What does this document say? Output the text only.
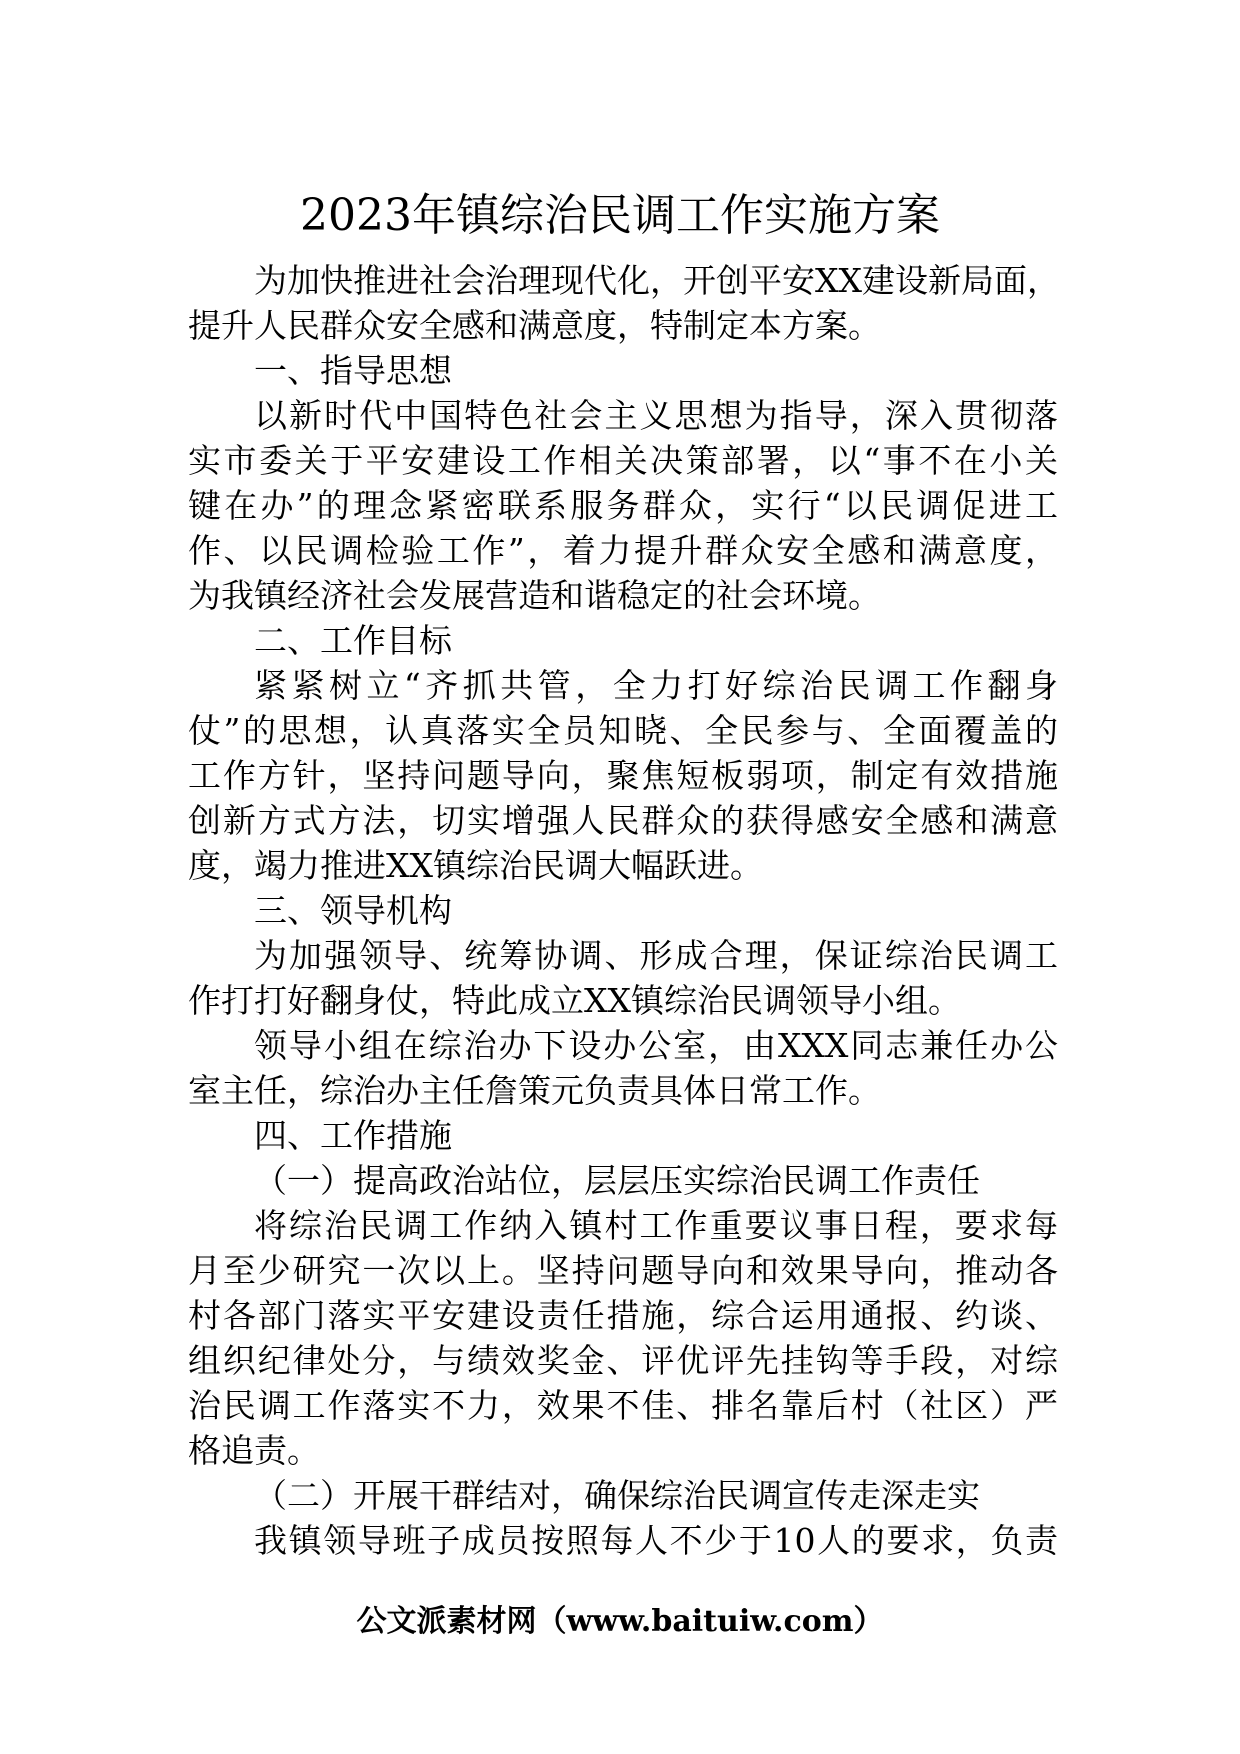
2023年镇综治民调工作实施方案
为加快推进社会治理现代化，开创平安XX建设新局面，
提升人民群众安全感和满意度，特制定本方案。
一、指导思想
以新时代中国特色社会主义思想为指导，深入贯彻落
实市委关于平安建设工作相关决策部署，以“事不在小关
键在办”的理念紧密联系服务群众，实行“以民调促进工
作、以民调检验工作”，着力提升群众安全感和满意度，
为我镇经济社会发展营造和谐稳定的社会环境。
二、工作目标
紧紧树立“齐抓共管，全力打好综治民调工作翻身
仗”的思想，认真落实全员知晓、全民参与、全面覆盖的
工作方针，坚持问题导向，聚焦短板弱项，制定有效措施
创新方式方法，切实增强人民群众的获得感安全感和满意
度，竭力推进XX镇综治民调大幅跃进。
三、领导机构
为加强领导、统筹协调、形成合理，保证综治民调工
作打打好翻身仗，特此成立XX镇综治民调领导小组。
领导小组在综治办下设办公室，由XXX同志兼任办公
室主任，综治办主任詹策元负责具体日常工作。
四、工作措施
（一）提高政治站位，层层压实综治民调工作责任
将综治民调工作纳入镇村工作重要议事日程，要求每
月至少研究一次以上。坚持问题导向和效果导向，推动各
村各部门落实平安建设责任措施，综合运用通报、约谈、
组织纪律处分，与绩效奖金、评优评先挂钩等手段，对综
治民调工作落实不力，效果不佳、排名靠后村（社区）严
格追责。
（二）开展干群结对，确保综治民调宣传走深走实
我镇领导班子成员按照每人不少于10人的要求，负责
公文派素材网（www.baituiw.com）
